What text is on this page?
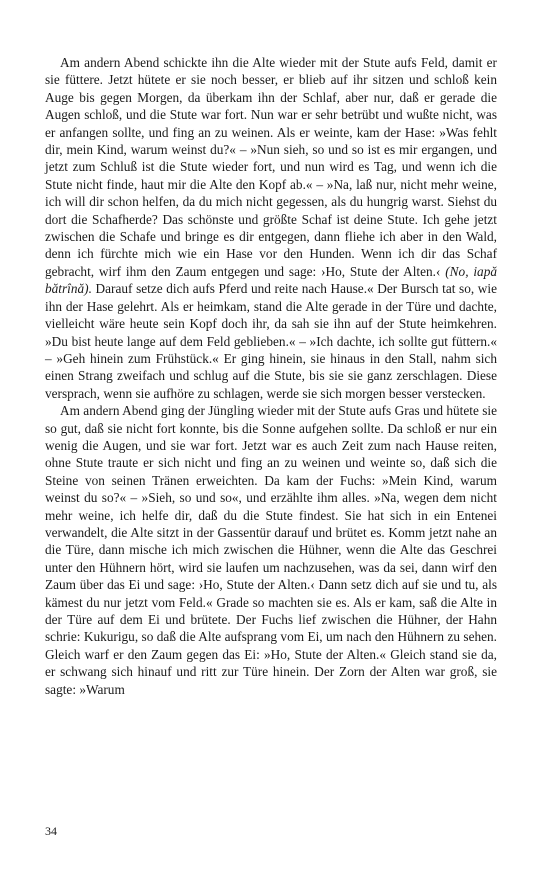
Am andern Abend schickte ihn die Alte wieder mit der Stute aufs Feld, damit er sie füttere. Jetzt hütete er sie noch besser, er blieb auf ihr sitzen und schloß kein Auge bis gegen Morgen, da überkam ihn der Schlaf, aber nur, daß er gerade die Augen schloß, und die Stute war fort. Nun war er sehr betrübt und wußte nicht, was er anfangen sollte, und fing an zu weinen. Als er weinte, kam der Hase: »Was fehlt dir, mein Kind, warum weinst du?« – »Nun sieh, so und so ist es mir ergangen, und jetzt zum Schluß ist die Stute wieder fort, und nun wird es Tag, und wenn ich die Stute nicht finde, haut mir die Alte den Kopf ab.« – »Na, laß nur, nicht mehr weine, ich will dir schon helfen, da du mich nicht gegessen, als du hungrig warst. Siehst du dort die Schafherde? Das schönste und größte Schaf ist deine Stute. Ich gehe jetzt zwischen die Schafe und bringe es dir entgegen, dann fliehe ich aber in den Wald, denn ich fürchte mich wie ein Hase vor den Hunden. Wenn ich dir das Schaf gebracht, wirf ihm den Zaum entgegen und sage: ›Ho, Stute der Alten.‹ (No, iapă bătrînă). Darauf setze dich aufs Pferd und reite nach Hause.« Der Bursch tat so, wie ihn der Hase gelehrt. Als er heimkam, stand die Alte gerade in der Türe und dachte, vielleicht wäre heute sein Kopf doch ihr, da sah sie ihn auf der Stute heimkehren. »Du bist heute lange auf dem Feld geblieben.« – »Ich dachte, ich sollte gut füttern.« – »Geh hinein zum Frühstück.« Er ging hinein, sie hinaus in den Stall, nahm sich einen Strang zweifach und schlug auf die Stute, bis sie sie ganz zerschlagen. Diese versprach, wenn sie aufhöre zu schlagen, werde sie sich morgen besser verstecken.

Am andern Abend ging der Jüngling wieder mit der Stute aufs Gras und hütete sie so gut, daß sie nicht fort konnte, bis die Sonne aufgehen sollte. Da schloß er nur ein wenig die Augen, und sie war fort. Jetzt war es auch Zeit zum nach Hause reiten, ohne Stute traute er sich nicht und fing an zu weinen und weinte so, daß sich die Steine von seinen Tränen erweichten. Da kam der Fuchs: »Mein Kind, warum weinst du so?« – »Sieh, so und so«, und erzählte ihm alles. »Na, wegen dem nicht mehr weine, ich helfe dir, daß du die Stute findest. Sie hat sich in ein Entenei verwandelt, die Alte sitzt in der Gassentür darauf und brütet es. Komm jetzt nahe an die Türe, dann mische ich mich zwischen die Hühner, wenn die Alte das Geschrei unter den Hühnern hört, wird sie laufen um nachzusehen, was da sei, dann wirf den Zaum über das Ei und sage: ›Ho, Stute der Alten.‹ Dann setz dich auf sie und tu, als kämest du nur jetzt vom Feld.« Grade so machten sie es. Als er kam, saß die Alte in der Türe auf dem Ei und brütete. Der Fuchs lief zwischen die Hühner, der Hahn schrie: Kukurigu, so daß die Alte aufsprang vom Ei, um nach den Hühnern zu sehen. Gleich warf er den Zaum gegen das Ei: »Ho, Stute der Alten.« Gleich stand sie da, er schwang sich hinauf und ritt zur Türe hinein. Der Zorn der Alten war groß, sie sagte: »Warum

34
